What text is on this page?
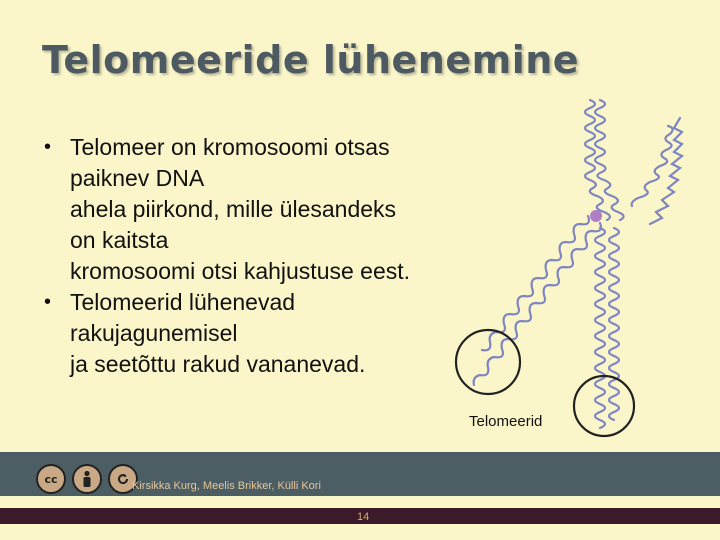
Telomeeride lühenemine
• Telomeer on kromosoomi otsas
paiknev DNA
ahela piirkond, mille ülesandeks
on kaitsta
kromosoomi otsi kahjustuse eest.
• Telomeerid lühenevad
rakujagunemisel
ja seetõttu rakud vananevad.
Telomeerid
cc
Kirsikka Kurg, Meelis Brikker, Külli Kori
14
